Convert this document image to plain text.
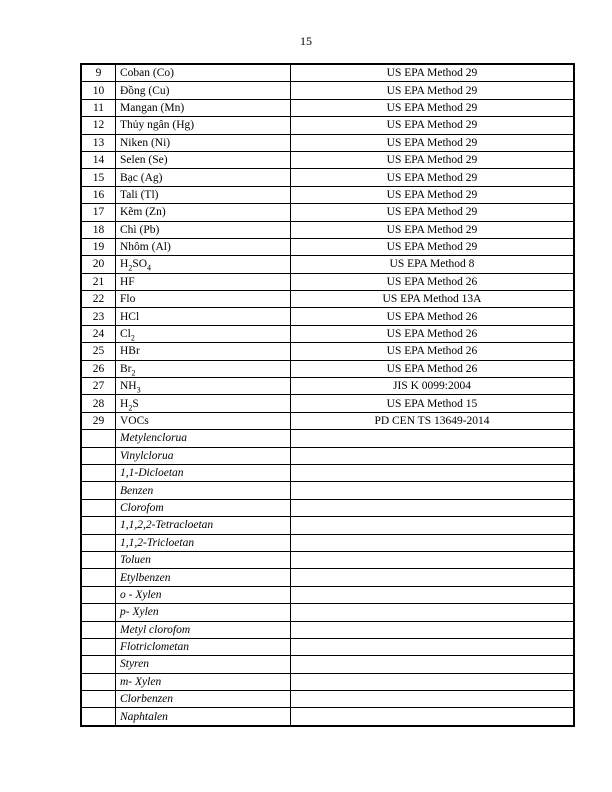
15
9	Coban (Co)	US EPA Method 29
10	Đồng (Cu)	US EPA Method 29
11	Mangan (Mn)	US EPA Method 29
12	Thủy ngân (Hg)	US EPA Method 29
13	Niken (Ni)	US EPA Method 29
14	Selen (Se)	US EPA Method 29
15	Bạc (Ag)	US EPA Method 29
16	Tali (Tl)	US EPA Method 29
17	Kẽm (Zn)	US EPA Method 29
18	Chì (Pb)	US EPA Method 29
19	Nhôm (Al)	US EPA Method 29
20	$H_2SO_4$	US EPA Method 8
21	HF	US EPA Method 26
22	Flo	US EPA Method 13A
23	HCl	US EPA Method 26
24	$Cl_2$	US EPA Method 26
25	HBr	US EPA Method 26
26	$Br_2$	US EPA Method 26
27	$NH_3$	JIS K 0099:2004
28	$H_2S$	US EPA Method 15
29	VOCs	PD CEN TS 13649-2014
	Metylenclorua	
	Vinylclorua	
	1,1-Dicloetan	
	Benzen	
	Clorofom	
	1,1,2,2-Tetracloetan	
	1,1,2-Tricloetan	
	Toluen	
	Etylbenzen	
	o - Xylen	
	p- Xylen	
	Metyl clorofom	
	Flotriclometan	
	Styren	
	m- Xylen	
	Clorbenzen	
	Naphtalen	
